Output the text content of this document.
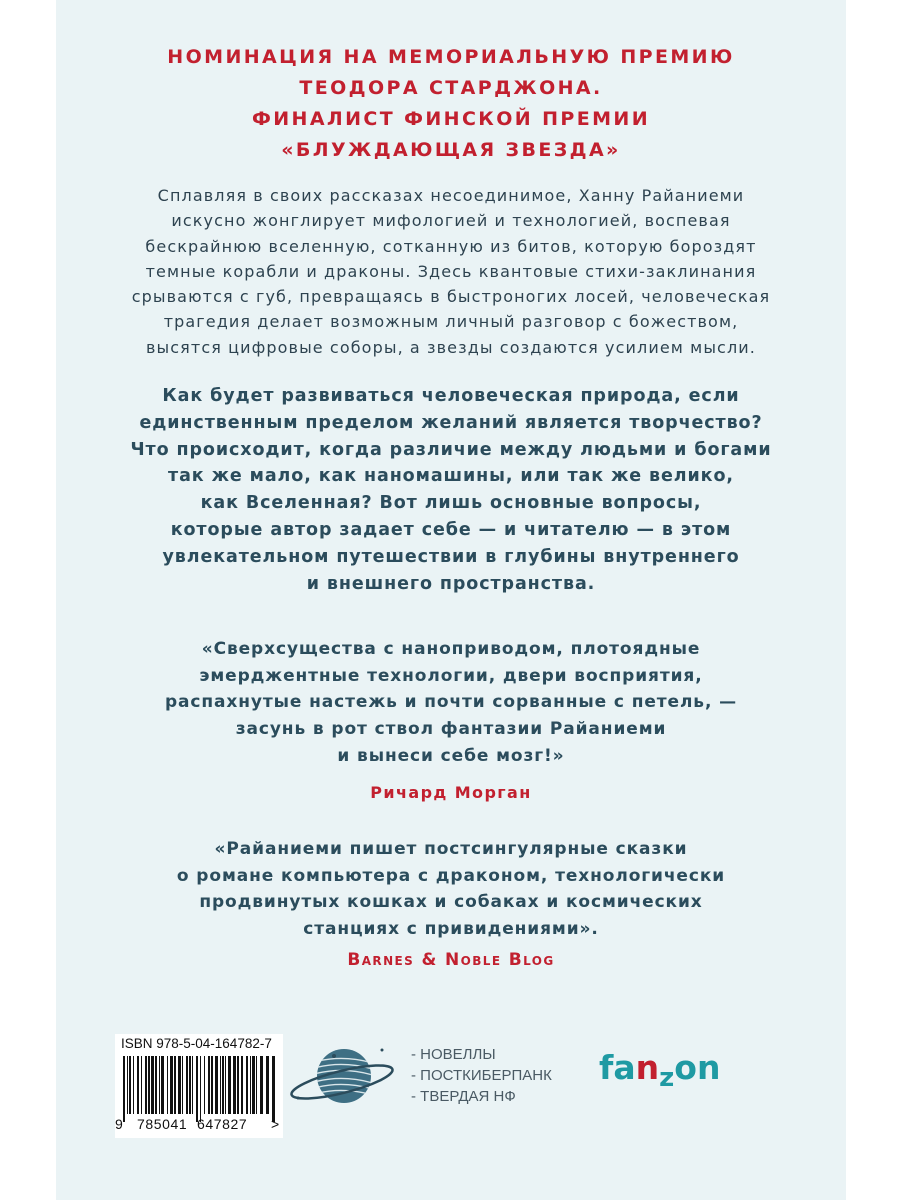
НОМИНАЦИЯ НА МЕМОРИАЛЬНУЮ ПРЕМИЮ
ТЕОДОРА СТАРДЖОНА.
ФИНАЛИСТ ФИНСКОЙ ПРЕМИИ
«БЛУЖДАЮЩАЯ ЗВЕЗДА»
Сплавляя в своих рассказах несоединимое, Ханну Райаниеми
искусно жонглирует мифологией и технологией, воспевая
бескрайнюю вселенную, сотканную из битов, которую бороздят
темные корабли и драконы. Здесь квантовые стихи-заклинания
срываются с губ, превращаясь в быстроногих лосей, человеческая
трагедия делает возможным личный разговор с божеством,
высятся цифровые соборы, а звезды создаются усилием мысли.
Как будет развиваться человеческая природа, если
единственным пределом желаний является творчество?
Что происходит, когда различие между людьми и богами
так же мало, как наномашины, или так же велико,
как Вселенная? Вот лишь основные вопросы,
которые автор задает себе — и читателю — в этом
увлекательном путешествии в глубины внутреннего
и внешнего пространства.
«Сверхсущества с наноприводом, плотоядные
эмерджентные технологии, двери восприятия,
распахнутые настежь и почти сорванные с петель, —
засунь в рот ствол фантазии Райаниеми
и вынеси себе мозг!»
Ричард Морган
«Райаниеми пишет постсингулярные сказки
о романе компьютера с драконом, технологически
продвинутых кошках и собаках и космических
станциях с привидениями».
Barnes & Noble Blog
ISBN 978-5-04-164782-7
9 785041 647827 >
- НОВЕЛЛЫ
- ПОСТКИБЕРПАНК
- ТВЕРДАЯ НФ
fanzon
